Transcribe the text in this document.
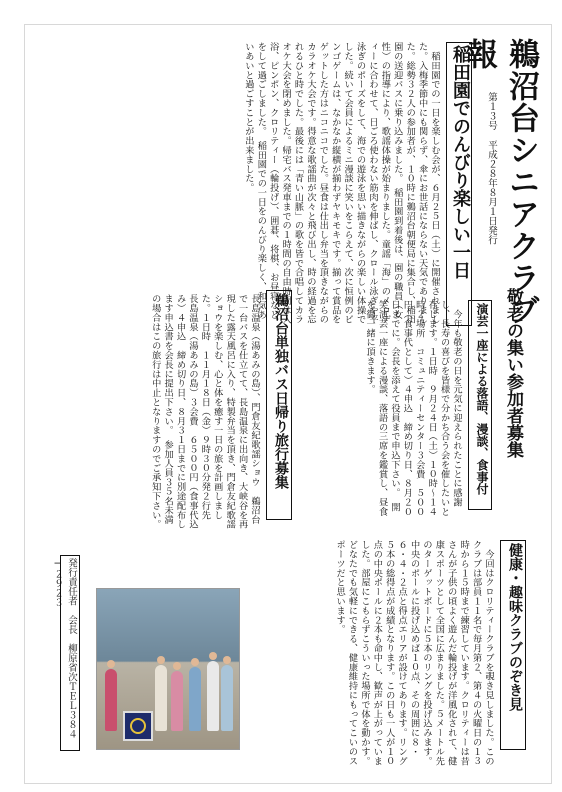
鵜沼台シニアクラブ報
第１３号
平成２８年８月１日発行
稲田園でのんびり楽しい一日
　稲田園での一日を楽しむ会が、６月２５日（土）に開催されました。入梅季節中にも関らず、傘にお世話にならない天気でありました。総勢３２人の参加者が、１０時に鵜沼台朝便局に集合し、稲田園の送迎バスに乗り込みました。　稲田園到着後は、園の職員（女性）の指導により、歌謡体操が始まりました。童謡「海」のメロディーに合わせて、日ごろ使わない筋肉を伸ばし、クロール泳ぎや平泳ぎのポーズをして、海での遊泳を思い描きながらの楽しい体操でした。続いて会員によるミニ漫談に笑いをこらえて、次に恒例のビンゴゲームは、なかなか縦横が揃わずヤキモキです。揃って賞品をゲットした方はニコニコでした。昼食は仕出し弁当を頂きながらのカラオケ大会です。得意な歌謡曲が次々と飛び出し、時の経過を忘れるひと時でした。最後には「青い山脈」の歌を皆で合唱してカラオケ大会を閉めました。帰宅バス発車までの１時間の自由時間は入浴、ピンポン、クロリティー（輪投げ）、囲碁、将棋、お昼寝などをして過ごしました。　稲田園での一日をのんびり楽しく、和気あいあいと過ごすことが出来ました。
敬老の集い参加者募集
演芸一座による落語、漫談、食事付
　今年も敬老の日を元気に迎えられたことに感謝し、長寿の喜びを皆様で分かち合う会を催したいと存じます。１日時　９月２４日（土）１０時～１４時２場所　コミュニティーセンター３会費　５００円（食事代として）４申込　締め切り日、８月２０日までに。会長を添えて役員まで申込下さい。　開笑演芸一座による漫談、落語の三席を鑑賞し、昼食を御一緒に頂きます。
鵜沼台単独バス日帰り旅行募集
長島温泉（湯あみの島）、門倉友紀歌謡ショウ　鵜沼台で一台バスを仕立てて、長島温泉に出向き、大峡谷を再現した露天風呂に入り、特製弁当を頂き、門倉友紀歌謡ショウを楽しむ、心と体を癒す一日の旅を計画しました。１日時　１１月１８日（金）９時３０分発２行先　長島温泉（湯あみの島）３会費　６５００円（食事代込み）４申込　締め切り日、８月３１日までに別途配布します申込書を会長に提出下さい。　参加人員３５名未満の場合はこの旅行は中止となりますのでご承知下さい。
健康・趣味クラブのぞき見
　今回はクロリティークラブを覗き見しました。このクラブは部員１１名で毎月第２、第４の火曜日の１３時から１５時まで練習しています。クロリティーは昔さんが子供の頃よく遊んだ輪投げが洋風化されて、健康スポーツとして全国に広まりました。５メートル先のターゲットボードに５本のリングを投げ込みます。中央のポールに投げ込めば１０点、その周囲に８・６・４・２点と得点エリアが設けてあります。リング５本の総得点が成績となります。この日も一人が１０点の中央ポールに２本も命中し、歓声が上がっていました。部屋にこもらずこういった場所で体を動かす。どなたでも気軽にできる、健康維持にもってこいのスポーツだと思います。
発行責任者　会長　柳原省次ＴＥＬ３８４−２９２３
